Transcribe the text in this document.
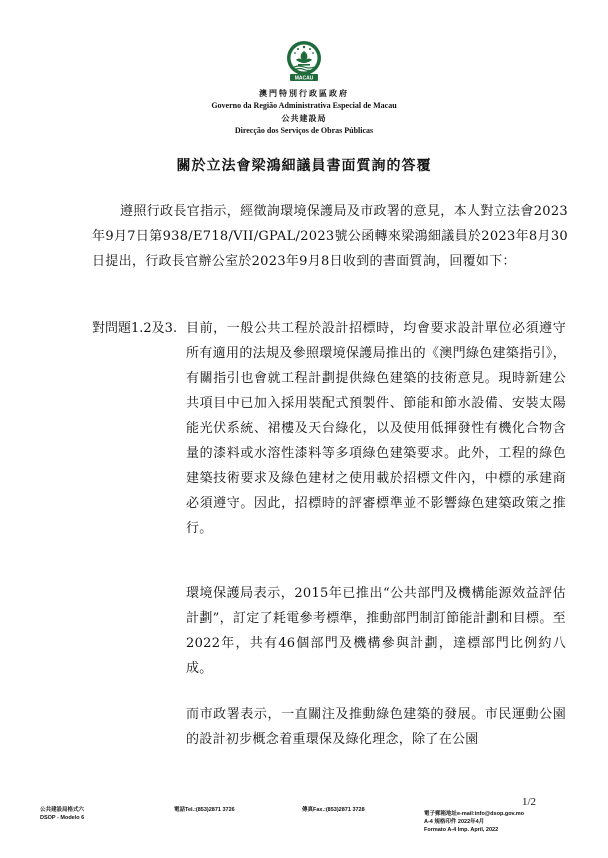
MACAU
澳門特別行政區政府
Governo da Região Administrativa Especial de Macau
公共建設局
Direcção dos Serviços de Obras Públicas
關於立法會梁鴻細議員書面質詢的答覆
遵照行政長官指示，經徵詢環境保護局及市政署的意見，本人對立法會2023年9月7日第938/E718/VII/GPAL/2023號公函轉來梁鴻細議員於2023年8月30日提出，行政長官辦公室於2023年9月8日收到的書面質詢，回覆如下：
對問題1.2及3. 目前，一般公共工程於設計招標時，均會要求設計單位必須遵守所有適用的法規及參照環境保護局推出的《澳門綠色建築指引》，有關指引也會就工程計劃提供綠色建築的技術意見。現時新建公共項目中已加入採用裝配式預製件、節能和節水設備、安裝太陽能光伏系統、裙樓及天台綠化，以及使用低揮發性有機化合物含量的漆料或水溶性漆料等多項綠色建築要求。此外，工程的綠色建築技術要求及綠色建材之使用載於招標文件內，中標的承建商必須遵守。因此，招標時的評審標準並不影響綠色建築政策之推行。
環境保護局表示，2015年已推出“公共部門及機構能源效益評估計劃”，訂定了耗電參考標準，推動部門制訂節能計劃和目標。至2022年，共有46個部門及機構參與計劃，達標部門比例約八成。
而市政署表示，一直關注及推動綠色建築的發展。市民運動公園的設計初步概念着重環保及綠化理念，除了在公園
1/2
公共建設局格式六
DSOP - Modelo 6
電話Tel.:(853)2871 3726	傳真Fax.:(853)2871 3728
電子郵箱地址e-mail:info@dsop.gov.mo
A-4 規格印件 2022年4月
Formato A-4 Imp. April, 2022
